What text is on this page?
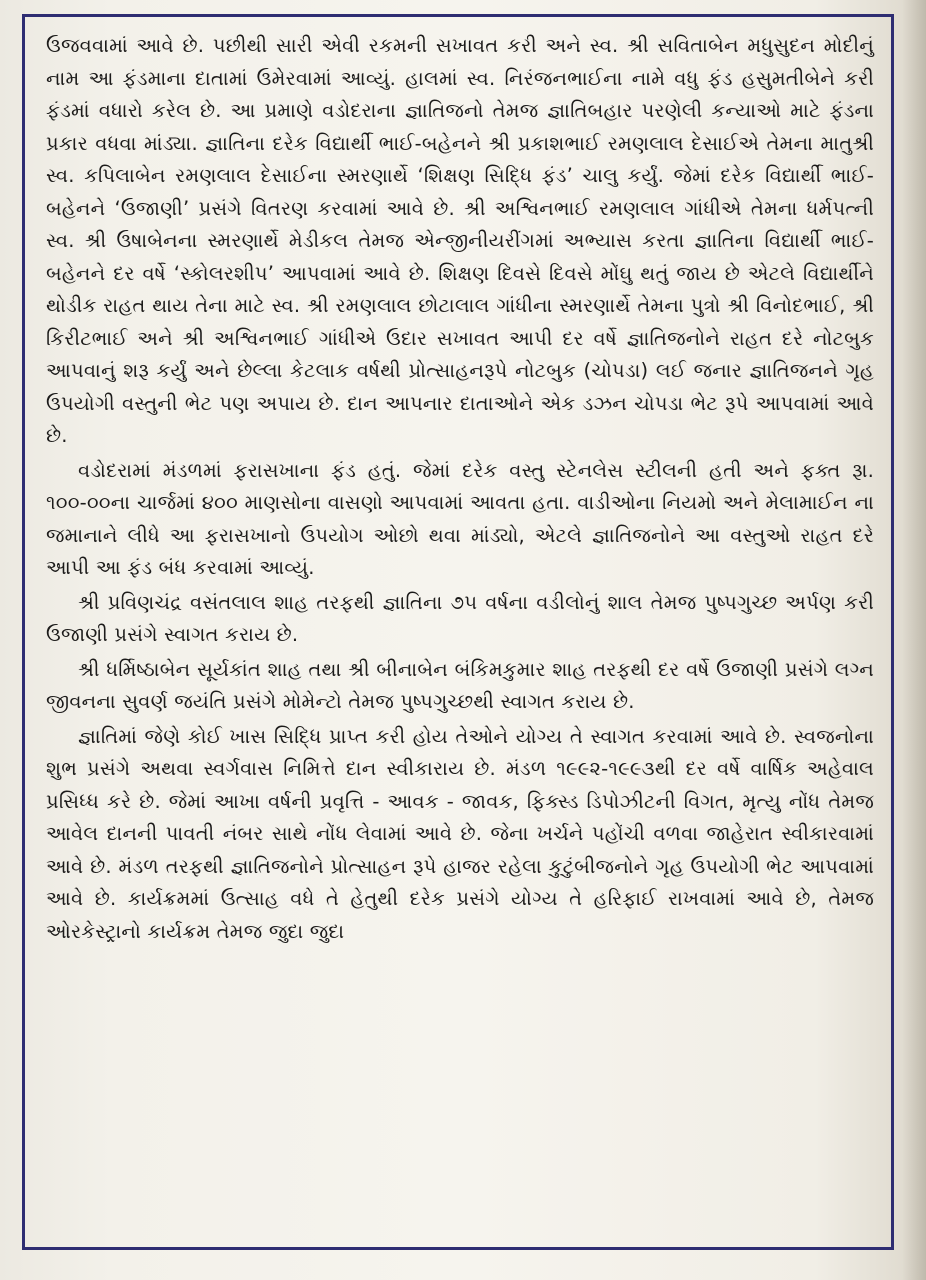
ઉજવવામાં આવે છે. પછીથી સારી એવી રકમની સખાવત કરી અને સ્વ. શ્રી સવિતાબેન મધુસુદન મોદીનું નામ આ ફંડમાના દાતામાં ઉમેરવામાં આવ્યું. હાલમાં સ્વ. નિરંજનભાઈના નામે વધુ ફંડ હસુમતીબેને કરી ફંડમાં વધારો કરેલ છે. આ પ્રમાણે વડોદરાના જ્ઞાતિજનો તેમજ જ્ઞાતિબહાર પરણેલી કન્યાઓ માટે ફંડના પ્રકાર વધવા માંડ્યા. જ્ઞાતિના દરેક વિદ્યાર્થી ભાઈ-બહેનને શ્રી પ્રકાશભાઈ રમણલાલ દેસાઈએ તેમના માતુશ્રી સ્વ. કપિલાબેન રમણલાલ દેસાઈના સ્મરણાર્થે ‘શિક્ષણ સિદ્ધિ ફંડ’ ચાલુ કર્યું. જેમાં દરેક વિદ્યાર્થી ભાઈ-બહેનને ‘ઉજાણી’ પ્રસંગે વિતરણ કરવામાં આવે છે. શ્રી અશ્વિનભાઈ રમણલાલ ગાંધીએ તેમના ધર્મપત્ની સ્વ. શ્રી ઉષાબેનના સ્મરણાર્થે મેડીકલ તેમજ એન્જીનીયરીંગમાં અભ્યાસ કરતા જ્ઞાતિના વિદ્યાર્થી ભાઈ-બહેનને દર વર્ષે ‘સ્કોલરશીપ’ આપવામાં આવે છે. શિક્ષણ દિવસે દિવસે મોંઘુ થતું જાય છે એટલે વિદ્યાર્થીને થોડીક રાહત થાય તેના માટે સ્વ. શ્રી રમણલાલ છોટાલાલ ગાંધીના સ્મરણાર્થે તેમના પુત્રો શ્રી વિનોદભાઈ, શ્રી કિરીટભાઈ અને શ્રી અશ્વિનભાઈ ગાંધીએ ઉદાર સખાવત આપી દર વર્ષે જ્ઞાતિજનોને રાહત દરે નોટબુક આપવાનું શરૂ કર્યું અને છેલ્લા કેટલાક વર્ષથી પ્રોત્સાહનરૂપે નોટબુક (ચોપડા) લઈ જનાર જ્ઞાતિજનને ગૃહ ઉપયોગી વસ્તુની ભેટ પણ અપાય છે. દાન આપનાર દાતાઓને એક ડઝન ચોપડા ભેટ રૂપે આપવામાં આવે છે.

વડોદરામાં મંડળમાં ફરાસખાના ફંડ હતું. જેમાં દરેક વસ્તુ સ્ટેનલેસ સ્ટીલની હતી અને ફક્ત રૂા. ૧૦૦-૦૦ના ચાર્જમાં ૪૦૦ માણસોના વાસણો આપવામાં આવતા હતા. વાડીઓના નિયમો અને મેલામાઈન ના જમાનાને લીધે આ ફરાસખાનો ઉપયોગ ઓછો થવા માંડ્યો, એટલે જ્ઞાતિજનોને આ વસ્તુઓ રાહત દરે આપી આ ફંડ બંધ કરવામાં આવ્યું.

શ્રી પ્રવિણચંદ્ર વસંતલાલ શાહ તરફથી જ્ઞાતિના ૭૫ વર્ષના વડીલોનું શાલ તેમજ પુષ્પગુચ્છ અર્પણ કરી ઉજાણી પ્રસંગે સ્વાગત કરાય છે.

શ્રી ધર્મિષ્ઠાબેન સૂર્યકાંત શાહ તથા શ્રી બીનાબેન બંકિમકુમાર શાહ તરફથી દર વર્ષે ઉજાણી પ્રસંગે લગ્ન જીવનના સુવર્ણ જયંતિ પ્રસંગે મોમેન્ટો તેમજ પુષ્પગુચ્છથી સ્વાગત કરાય છે.

જ્ઞાતિમાં જેણે કોઈ ખાસ સિદ્ધિ પ્રાપ્ત કરી હોય તેઓને યોગ્ય તે સ્વાગત કરવામાં આવે છે. સ્વજનોના શુભ પ્રસંગે અથવા સ્વર્ગવાસ નિમિત્તે દાન સ્વીકારાય છે. મંડળ ૧૯૯૨-૧૯૯૩થી દર વર્ષે વાર્ષિક અહેવાલ પ્રસિધ્ધ કરે છે. જેમાં આખા વર્ષની પ્રવૃત્તિ - આવક - જાવક, ફિક્સ્ડ ડિપોઝીટની વિગત, મૃત્યુ નોંધ તેમજ આવેલ દાનની પાવતી નંબર સાથે નોંધ લેવામાં આવે છે. જેના ખર્ચને પહોંચી વળવા જાહેરાત સ્વીકારવામાં આવે છે. મંડળ તરફથી જ્ઞાતિજનોને પ્રોત્સાહન રૂપે હાજર રહેલા કુટુંબીજનોને ગૃહ ઉપયોગી ભેટ આપવામાં આવે છે. કાર્યક્રમમાં ઉત્સાહ વધે તે હેતુથી દરેક પ્રસંગે યોગ્ય તે હરિફાઈ રાખવામાં આવે છે, તેમજ ઓરકેસ્ટ્રાનો કાર્યક્રમ તેમજ જુદા જુદા
